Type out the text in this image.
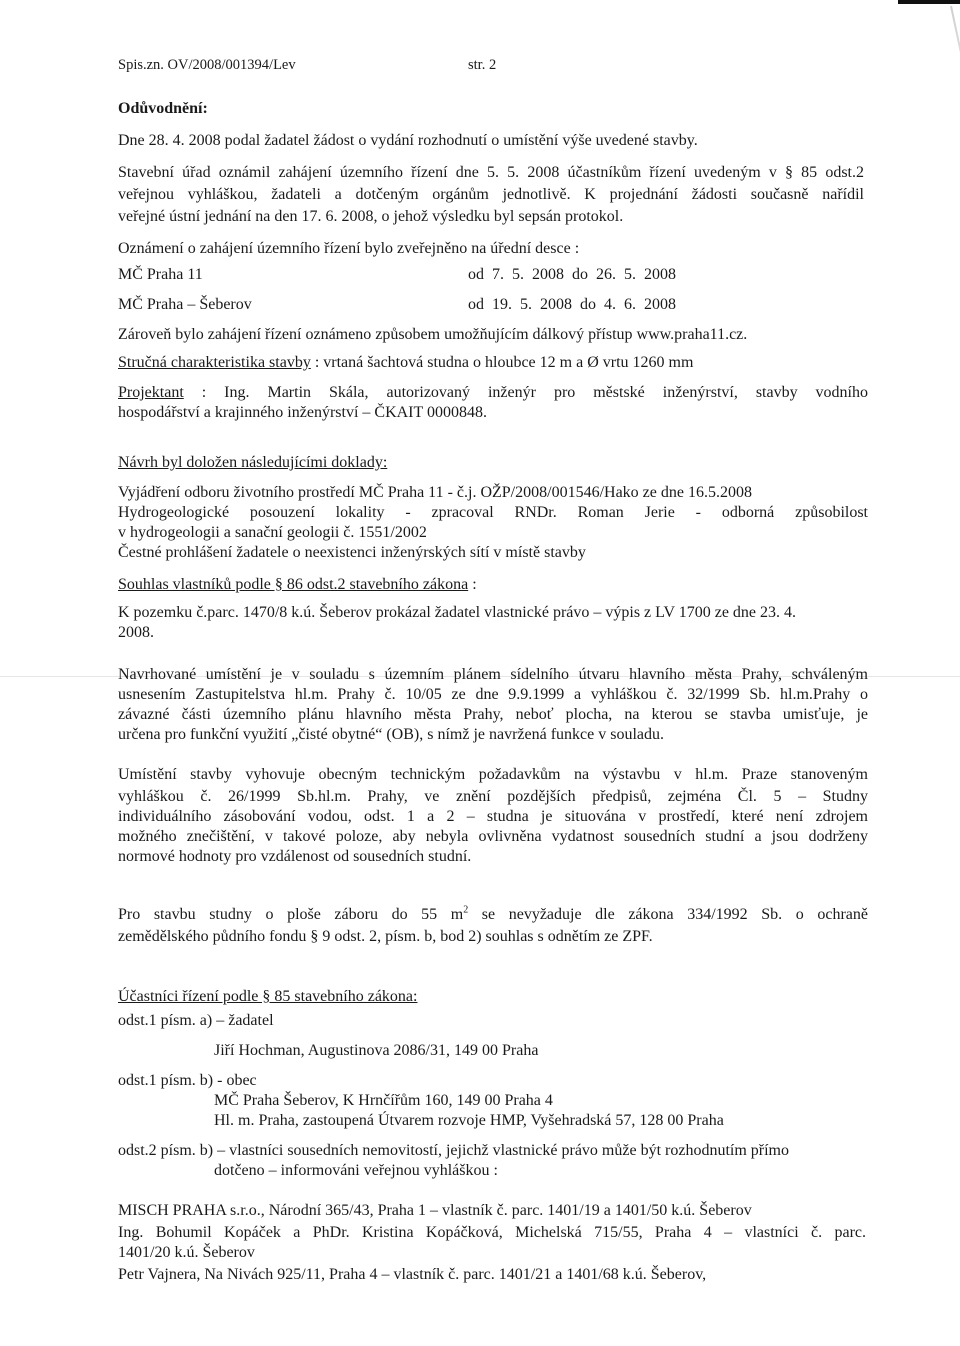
Spis.zn. OV/2008/001394/Lev	str. 2
Odůvodnění:
Dne 28. 4. 2008 podal žadatel žádost o vydání rozhodnutí o umístění výše uvedené stavby.
Stavební úřad oznámil zahájení územního řízení dne 5. 5. 2008 účastníkům řízení uvedeným v § 85 odst.2
veřejnou vyhláškou, žadateli a dotčeným orgánům jednotlivě. K projednání žádosti současně nařídil
veřejné ústní jednání na den 17. 6. 2008, o jehož výsledku byl sepsán protokol.
Oznámení o zahájení územního řízení bylo zveřejněno na úřední desce :
MČ Praha 11	od 7. 5. 2008 do 26. 5. 2008
MČ Praha – Šeberov	od 19. 5. 2008 do 4. 6. 2008
Zároveň bylo zahájení řízení oznámeno způsobem umožňujícím dálkový přístup www.praha11.cz.
Stručná charakteristika stavby : vrtaná šachtová studna o hloubce 12 m a Ø vrtu 1260 mm
Projektant : Ing. Martin Skála, autorizovaný inženýr pro městské inženýrství, stavby vodního
hospodářství a krajinného inženýrství – ČKAIT 0000848.
Návrh byl doložen následujícími doklady:
Vyjádření odboru životního prostředí MČ Praha 11 - č.j. OŽP/2008/001546/Hako ze dne 16.5.2008
Hydrogeologické posouzení lokality - zpracoval RNDr. Roman Jerie - odborná způsobilost
v hydrogeologii a sanační geologii č. 1551/2002
Čestné prohlášení žadatele o neexistenci inženýrských sítí v místě stavby
Souhlas vlastníků podle § 86 odst.2 stavebního zákona :
K pozemku č.parc. 1470/8 k.ú. Šeberov prokázal žadatel vlastnické právo – výpis z LV 1700 ze dne 23. 4.
2008.
Navrhované umístění je v souladu s územním plánem sídelního útvaru hlavního města Prahy, schváleným
usnesením Zastupitelstva hl.m. Prahy č. 10/05 ze dne 9.9.1999 a vyhláškou č. 32/1999 Sb. hl.m.Prahy o
závazné části územního plánu hlavního města Prahy, neboť plocha, na kterou se stavba umisťuje, je
určena pro funkční využití „čisté obytné“ (OB), s nímž je navržená funkce v souladu.
Umístění stavby vyhovuje obecným technickým požadavkům na výstavbu v hl.m. Praze stanoveným
vyhláškou č. 26/1999 Sb.hl.m. Prahy, ve znění pozdějších předpisů, zejména Čl. 5 – Studny
individuálního zásobování vodou, odst. 1 a 2 – studna je situována v prostředí, které není zdrojem
možného znečištění, v takové poloze, aby nebyla ovlivněna vydatnost sousedních studní a jsou dodrženy
normové hodnoty pro vzdálenost od sousedních studní.
Pro stavbu studny o ploše záboru do 55 $m^2$ se nevyžaduje dle zákona 334/1992 Sb. o ochraně
zemědělského půdního fondu § 9 odst. 2, písm. b, bod 2) souhlas s odnětím ze ZPF.
Účastníci řízení podle § 85 stavebního zákona:
odst.1 písm. a) – žadatel
Jiří Hochman, Augustinova 2086/31, 149 00 Praha
odst.1 písm. b) - obec
MČ Praha Šeberov, K Hrnčířům 160, 149 00 Praha 4
Hl. m. Praha, zastoupená Útvarem rozvoje HMP, Vyšehradská 57, 128 00 Praha
odst.2 písm. b) – vlastníci sousedních nemovitostí, jejichž vlastnické právo může být rozhodnutím přímo
dotčeno – informováni veřejnou vyhláškou :
MISCH PRAHA s.r.o., Národní 365/43, Praha 1 – vlastník č. parc. 1401/19 a 1401/50 k.ú. Šeberov
Ing. Bohumil Kopáček a PhDr. Kristina Kopáčková, Michelská 715/55, Praha 4 – vlastníci č. parc.
1401/20 k.ú. Šeberov
Petr Vajnera, Na Nivách 925/11, Praha 4 – vlastník č. parc. 1401/21 a 1401/68 k.ú. Šeberov,
